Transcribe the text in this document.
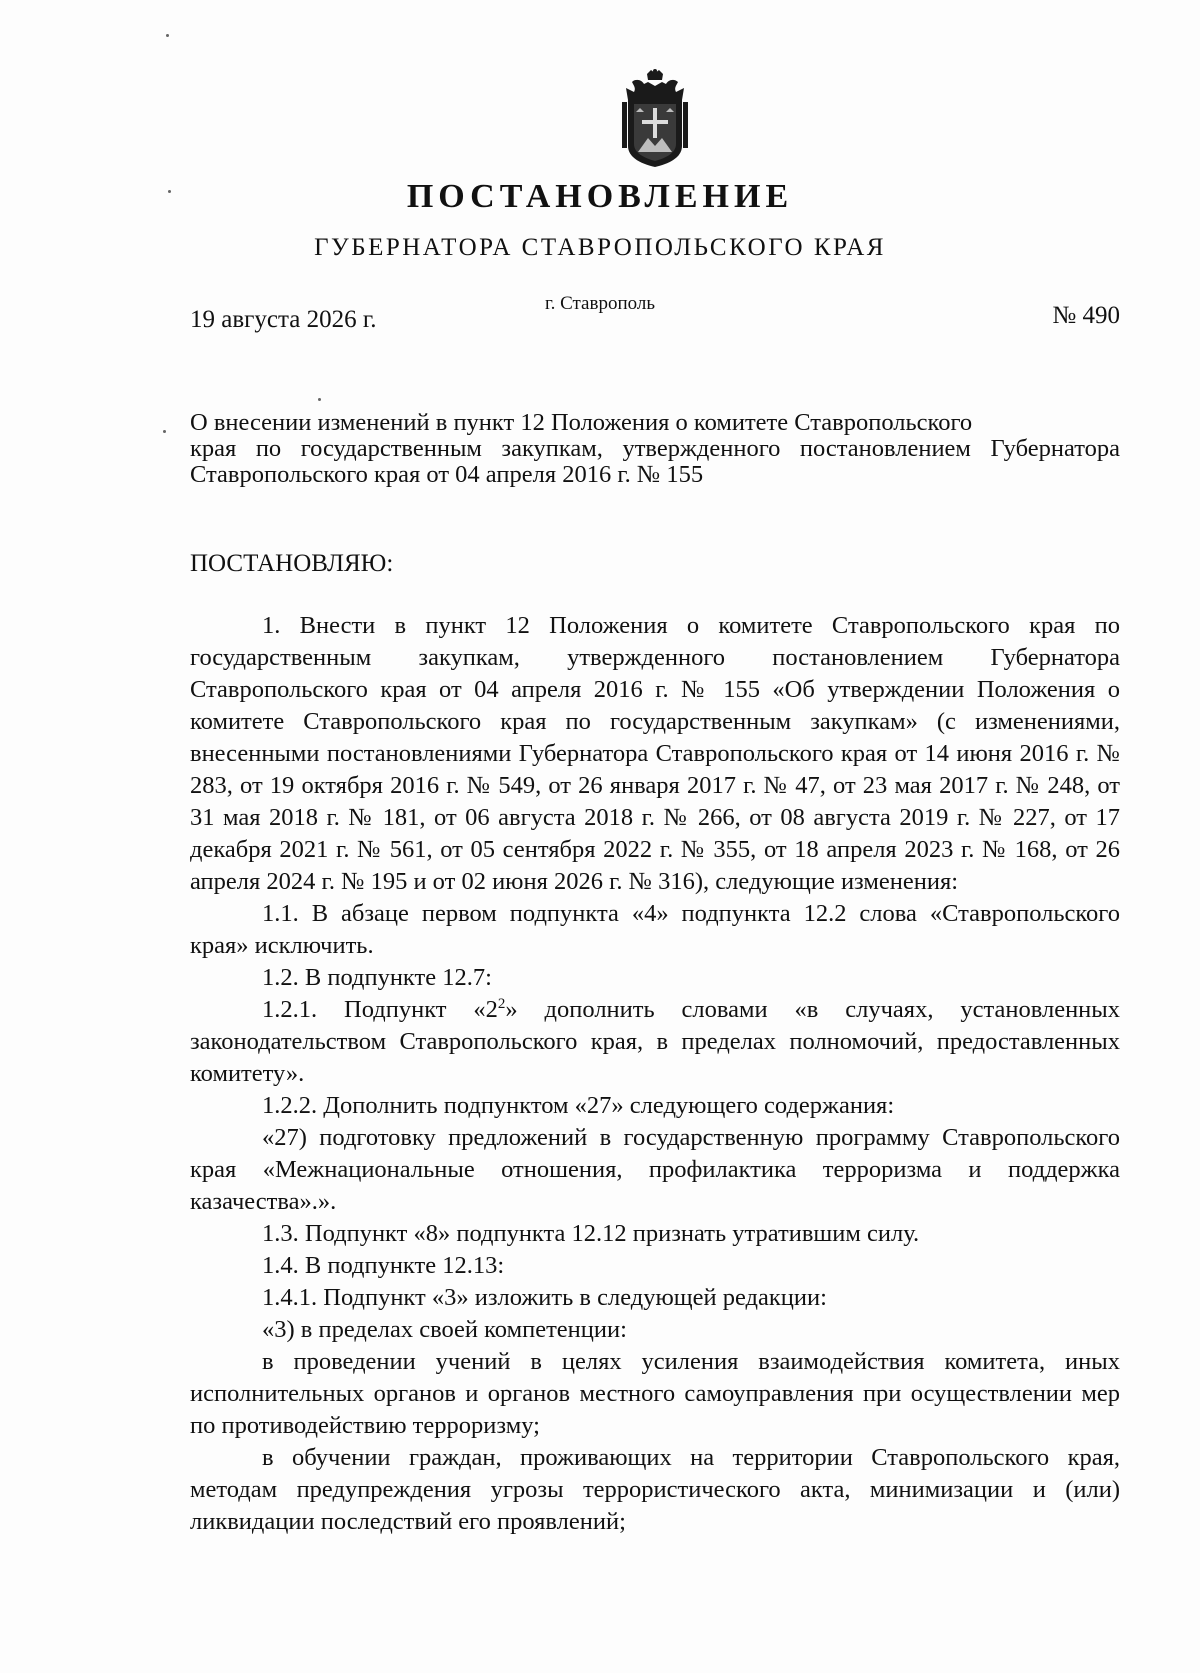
ПОСТАНОВЛЕНИЕ
ГУБЕРНАТОРА СТАВРОПОЛЬСКОГО КРАЯ
19 августа 2026 г.
г. Ставрополь	№ 490
О внесении изменений в пункт 12 Положения о комитете Ставропольского
края по государственным закупкам, утвержденного постановлением Губернатора Ставропольского края от 04 апреля 2016 г. № 155
ПОСТАНОВЛЯЮ:

1. Внести в пункт 12 Положения о комитете Ставропольского края по государственным закупкам, утвержденного постановлением Губернатора Ставропольского края от 04 апреля 2016 г. № 155 «Об утверждении Положения о комитете Ставропольского края по государственным закупкам» (с изменениями, внесенными постановлениями Губернатора Ставропольского края от 14 июня 2016 г. № 283, от 19 октября 2016 г. № 549, от 26 января 2017 г. № 47, от 23 мая 2017 г. № 248, от 31 мая 2018 г. № 181, от 06 августа 2018 г. № 266, от 08 августа 2019 г. № 227, от 17 декабря 2021 г. № 561, от 05 сентября 2022 г. № 355, от 18 апреля 2023 г. № 168, от 26 апреля 2024 г. № 195 и от 02 июня 2026 г. № 316), следующие изменения:

1.1. В абзаце первом подпункта «4» подпункта 12.2 слова «Ставропольского края» исключить.

1.2. В подпункте 12.7:

1.2.1. Подпункт «$2^2$» дополнить словами «в случаях, установленных законодательством Ставропольского края, в пределах полномочий, предоставленных комитету».

1.2.2. Дополнить подпунктом «27» следующего содержания:

«27) подготовку предложений в государственную программу Ставропольского края «Межнациональные отношения, профилактика терроризма и поддержка казачества».».

1.3. Подпункт «8» подпункта 12.12 признать утратившим силу.

1.4. В подпункте 12.13:

1.4.1. Подпункт «3» изложить в следующей редакции:

«3) в пределах своей компетенции:

в проведении учений в целях усиления взаимодействия комитета, иных исполнительных органов и органов местного самоуправления при осуществлении мер по противодействию терроризму;

в обучении граждан, проживающих на территории Ставропольского края, методам предупреждения угрозы террористического акта, минимизации и (или) ликвидации последствий его проявлений;
